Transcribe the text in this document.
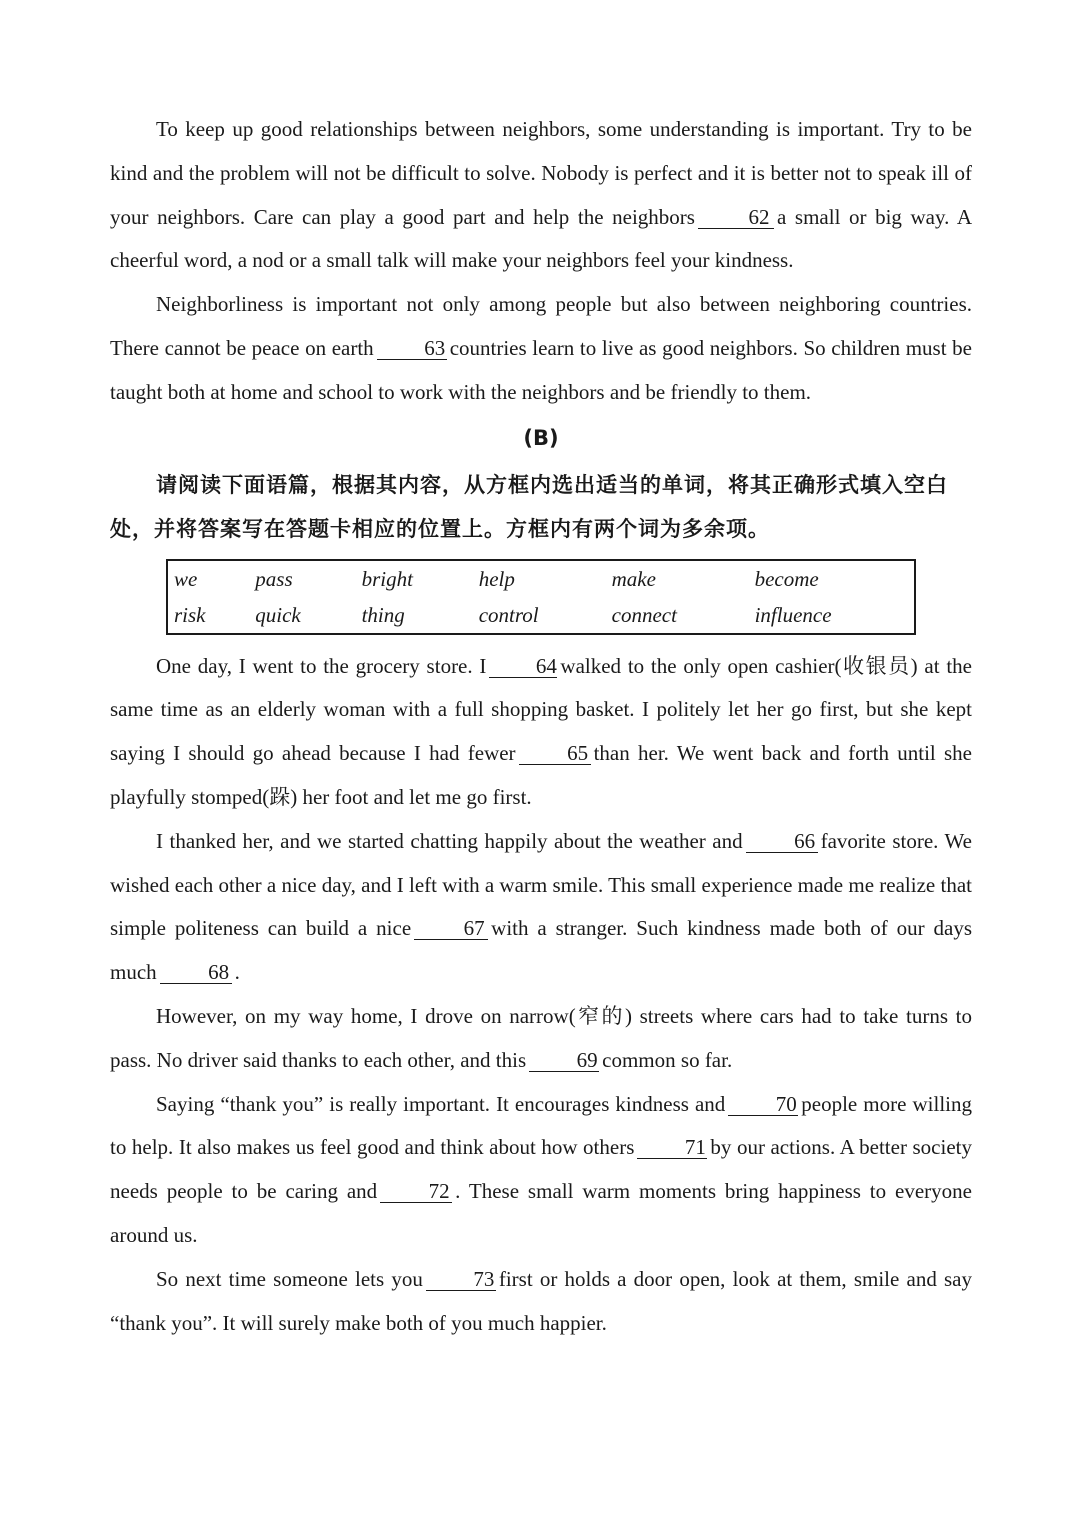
To keep up good relationships between neighbors, some understanding is important. Try to be kind and the problem will not be difficult to solve. Nobody is perfect and it is better not to speak ill of your neighbors. Care can play a good part and help the neighbors	62 a small or big way. A cheerful word, a nod or a small talk will make your neighbors feel your kindness.

Neighborliness is important not only among people but also between neighboring countries. There cannot be peace on earth 63 countries learn to live as good neighbors. So children must be taught both at home and school to work with the neighbors and be friendly to them.

(B)

请阅读下面语篇，根据其内容，从方框内选出适当的单词，将其正确形式填入空白处，并将答案写在答题卡相应的位置上。方框内有两个词为多余项。

we	pass	bright	help	make	become
risk	quick	thing	control	connect	influence

One day, I went to the grocery store. I 64 walked to the only open cashier(收银员) at the same time as an elderly woman with a full shopping basket. I politely let her go first, but she kept saying I should go ahead because I had fewer 65 than her. We went back and forth until she playfully stomped(跺) her foot and let me go first.

I thanked her, and we started chatting happily about the weather and 66 favorite store. We wished each other a nice day, and I left with a warm smile. This small experience made me realize that simple politeness can build a nice	67 with a stranger. Such kindness made both of our days much 68 .

However, on my way home, I drove on narrow(窄的) streets where cars had to take turns to pass. No driver said thanks to each other, and this 69 common so far.

Saying “thank you” is really important. It encourages kindness and 70 people more willing to help. It also makes us feel good and think about how others 71 by our actions. A better society needs people to be caring and 72 . These small warm moments bring happiness to everyone around us.

So next time someone lets you 73 first or holds a door open, look at them, smile and say “thank you”. It will surely make both of you much happier.
